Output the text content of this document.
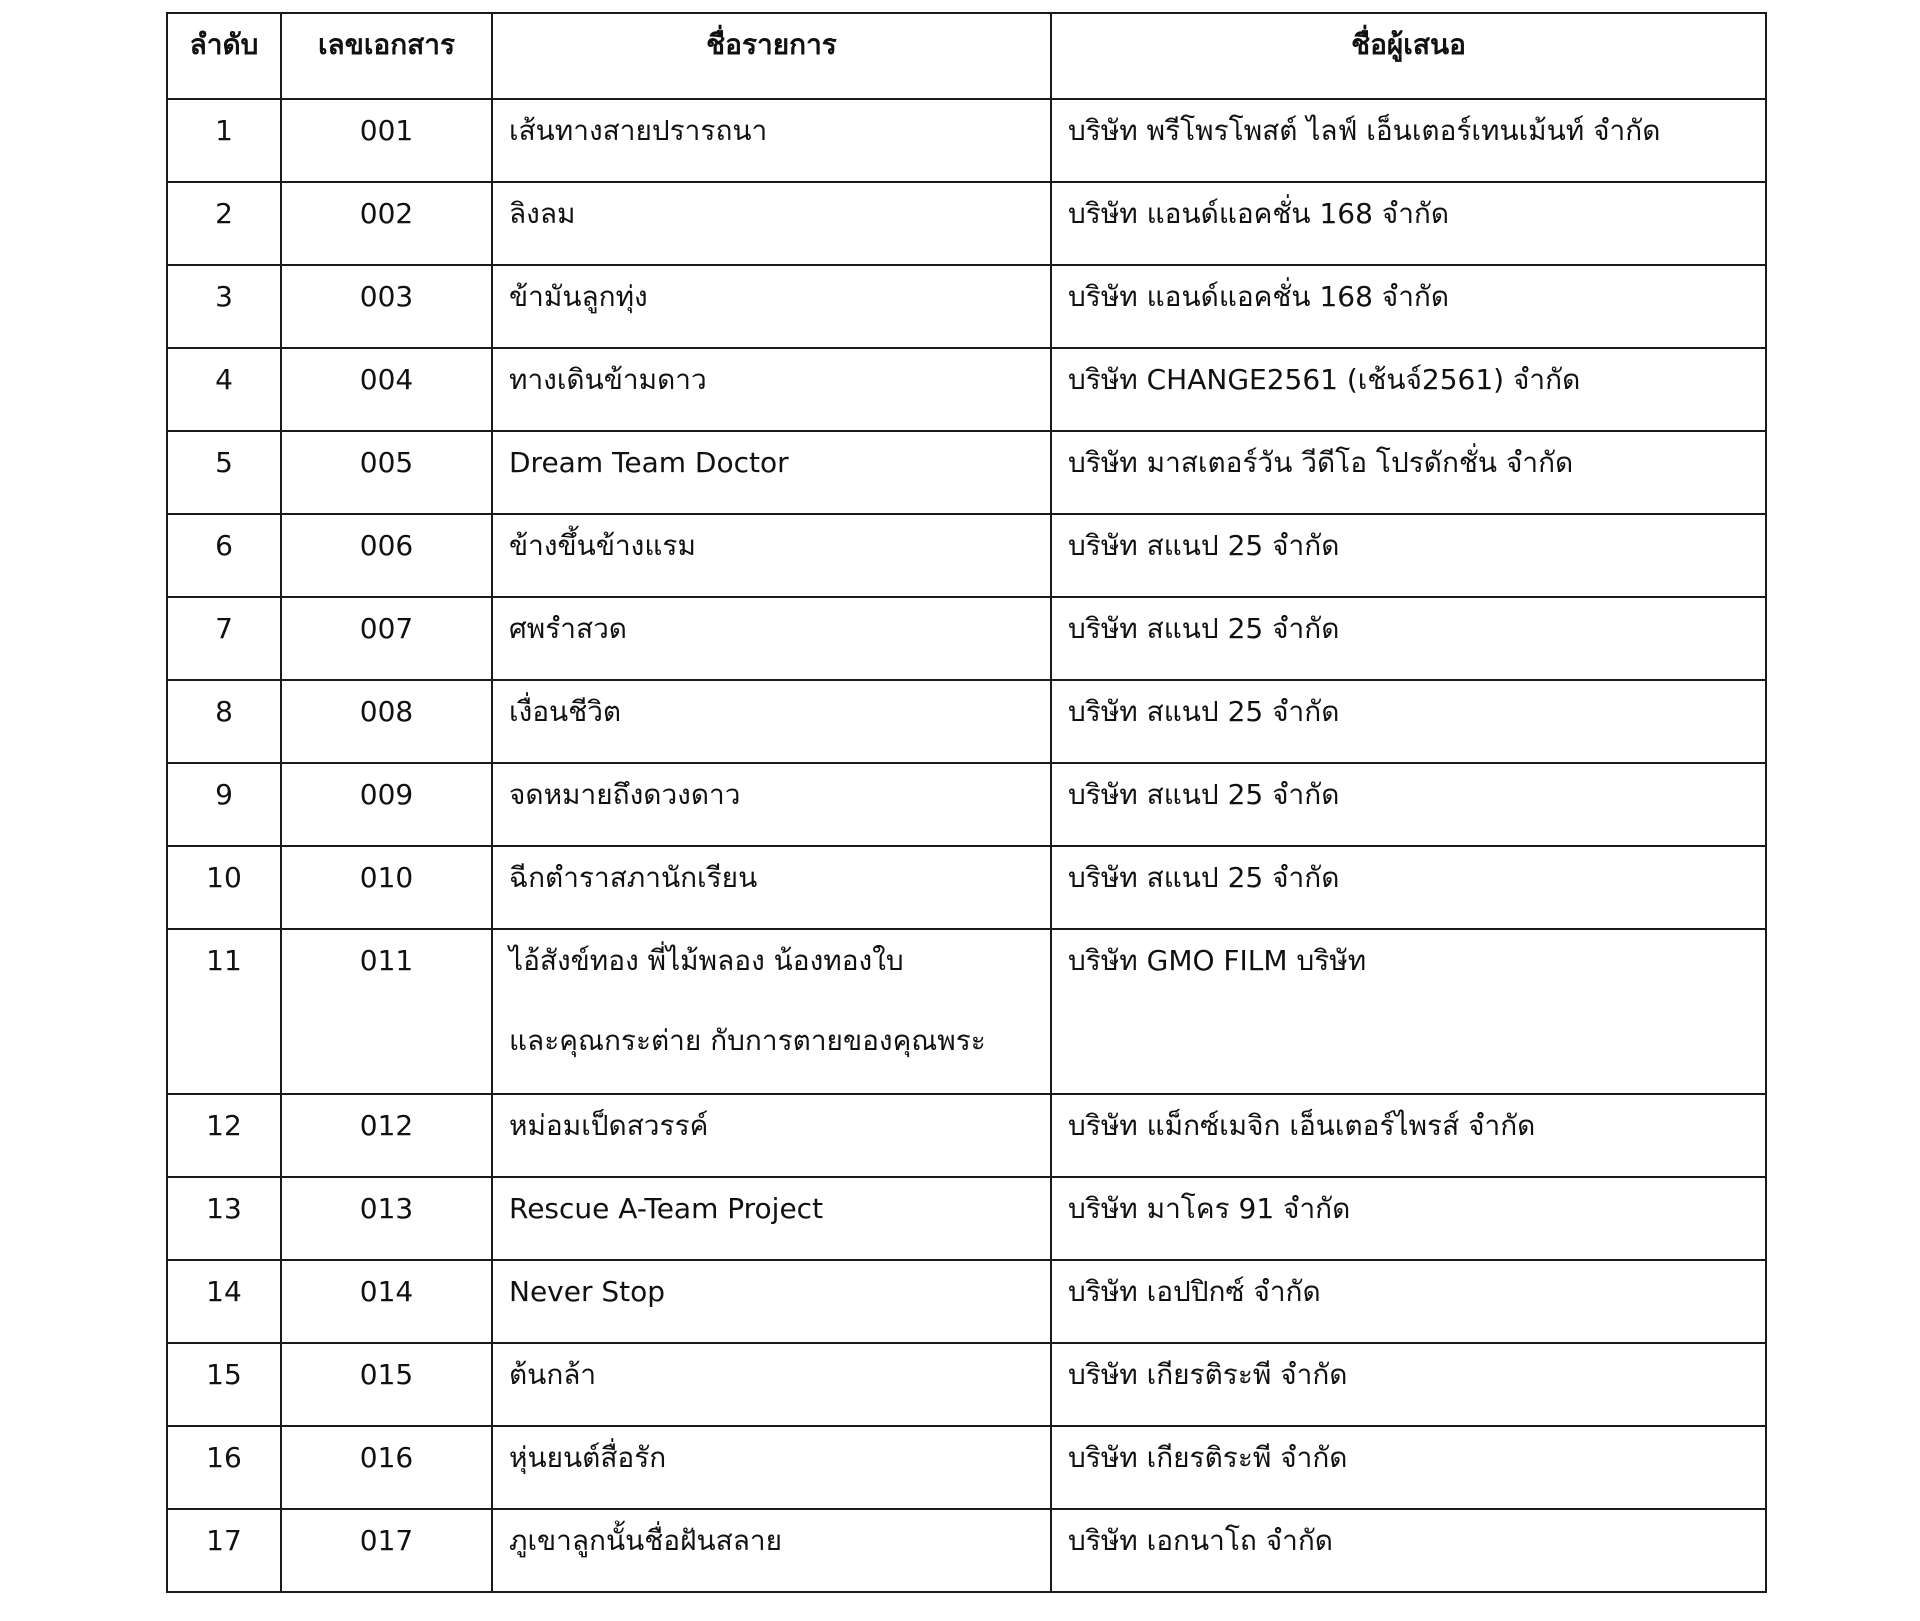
ลำดับ	เลขเอกสาร	ชื่อรายการ	ชื่อผู้เสนอ
1	001	เส้นทางสายปรารถนา	บริษัท พรีโพรโพสต์ ไลฟ์ เอ็นเตอร์เทนเม้นท์ จำกัด
2	002	ลิงลม	บริษัท แอนด์แอคชั่น 168 จำกัด
3	003	ข้ามันลูกทุ่ง	บริษัท แอนด์แอคชั่น 168 จำกัด
4	004	ทางเดินข้ามดาว	บริษัท CHANGE2561 (เช้นจ์2561) จำกัด
5	005	Dream Team Doctor	บริษัท มาสเตอร์วัน วีดีโอ โปรดักชั่น จำกัด
6	006	ข้างขึ้นข้างแรม	บริษัท สแนป 25 จำกัด
7	007	ศพรำสวด	บริษัท สแนป 25 จำกัด
8	008	เงื่อนชีวิต	บริษัท สแนป 25 จำกัด
9	009	จดหมายถึงดวงดาว	บริษัท สแนป 25 จำกัด
10	010	ฉีกตำราสภานักเรียน	บริษัท สแนป 25 จำกัด
11	011	ไอ้สังข์ทอง พี่ไม้พลอง น้องทองใบ
และคุณกระต่าย กับการตายของคุณพระ	บริษัท GMO FILM บริษัท
12	012	หม่อมเป็ดสวรรค์	บริษัท แม็กซ์เมจิก เอ็นเตอร์ไพรส์ จำกัด
13	013	Rescue A-Team Project	บริษัท มาโคร 91 จำกัด
14	014	Never Stop	บริษัท เอปปิกซ์ จำกัด
15	015	ต้นกล้า	บริษัท เกียรติระพี จำกัด
16	016	หุ่นยนต์สื่อรัก	บริษัท เกียรติระพี จำกัด
17	017	ภูเขาลูกนั้นชื่อฝันสลาย	บริษัท เอกนาโถ จำกัด
